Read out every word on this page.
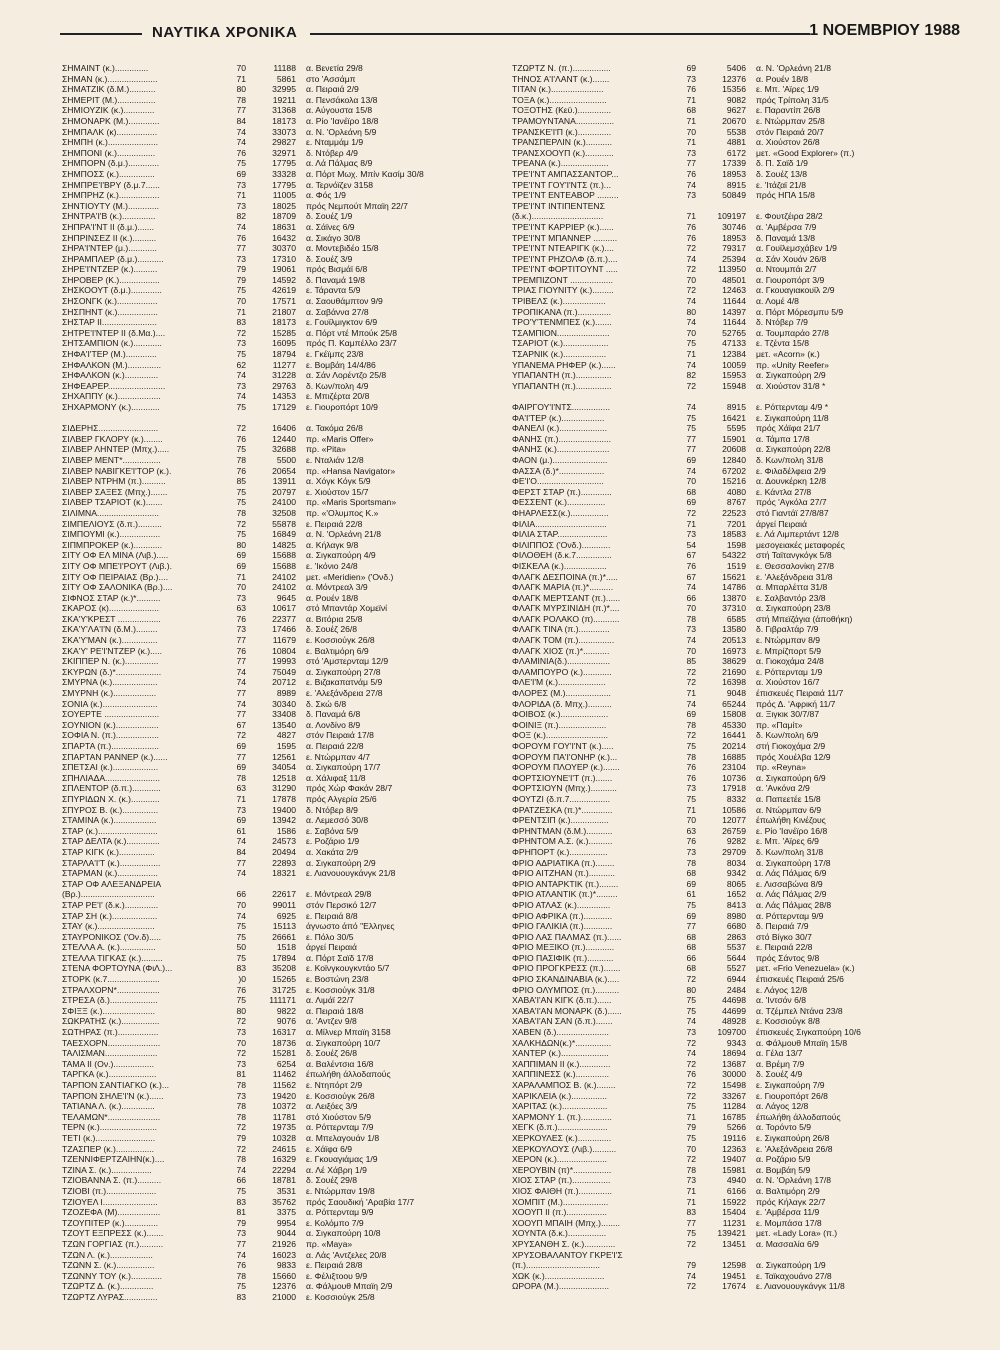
ΝΑΥΤΙΚΑ ΧΡΟΝΙΚΑ	1 ΝΟΕΜΒΡΙΟΥ 1988
ΣΗΜΑΙΝΤ (κ.)..............	70	11188	α. Βενετία 29/8
ΣΗΜΑΝ (κ.).....................	71	5861	στο 'Ασσάμπ
ΣΗΜΑΤΖΙΚ (δ.Μ.)...........	80	32995	α. Πειραιά 2/9
ΣΗΜΕΡΙΤ (Μ.)................	78	19211	α. Πενσάκολα 13/8
ΣΗΜΙΟΥΖΙΚ (κ.).............	77	31368	α. Αύγουστα 15/8
ΣΗΜΟΝΑΡΚ (Μ.).............	84	18173	α. Ρίο 'Ιανέϊρο 18/8
ΣΗΜΠΑΛΚ (κ).................	74	33073	α. Ν. 'Ορλεάνη 5/9
ΣΗΜΠΗ (κ.).....................	74	29827	ε. Νταμμάμ 1/9
ΣΗΜΠΟΝΙ (κ.)................	76	32971	δ. Ντόβερ 4/9
ΣΗΜΠΟΡΝ (δ.μ.).............	75	17795	α. Λά Πάλμας 8/9
ΣΗΜΠΟΣΣ (κ.)...............	69	33328	α. Πόρτ Μωχ. Μπίν Κασίμ 30/8
ΣΗΜΠΡΕ'Ι'ΒΡΥ (δ.μ.7......	73	17795	α. Τερνόϊζεν 3158
ΣΗΜΠΡΗΖ (κ.).................	71	11005	α. Φός 1/9
ΣΗΝΤΙΟΥΤΥ (Μ.).............	73	18025	πρός Νεμπούτ Μπαϊη 22/7
ΣΗΝΤΡΑ'Ι'Β (κ.)..............	82	18709	δ. Σουέζ 1/9
ΣΗΠΡΑ'Ι'ΝΤ ΙΙ (δ.μ.).......	74	18631	α. Σάϊνες 6/9
ΣΗΠΡΙΝΣΕΖ ΙΙ (κ.)..........	76	16432	α. Σικάγο 30/8
ΣΗΡΑ'Ι'ΝΤΕΡ (μ.)............	77	30370	α. Μοντεβιδέο 15/8
ΣΗΡΑΜΠΛΕΡ (δ.μ.)...........	73	17310	δ. Σουέζ 3/9
ΣΗΡΕ'Ι'ΝΤΖΕΡ (κ.)..........	79	19061	πρός Βισμάϊ 6/8
ΣΗΡΟΒΕΡ (Κ.).................	79	14592	δ. Παναμά 19/8
ΣΗΣΚΟΟΥΤ (δ.μ.).............	75	42619	ε. Τάραντα 5/9
ΣΗΣΟΝΓΚ (κ.).................	70	17571	α. Σαουθάμπτον 9/9
ΣΗΣΠΗΝΤ (κ.).................	71	21807	α. Σαβάννα 27/8
ΣΗΣΤΑΡ ΙΙ.......................	83	18173	ε. Γουϊλμιγκτον 6/9
ΣΗΤΡΕ'Ι'ΝΤΕΡ ΙΙ (δ.Μα.)....	72	15285	α. Πόρτ ντέ Μπούκ 25/8
ΣΗΤΣΑΜΠΙΟΝ (κ.)............	73	16095	πρός Π. Καμπέλλο 23/7
ΣΗΦΑ'Ι'ΤΕΡ (Μ.).............	75	18794	ε. Γκέϊμπς 23/8
ΣΗΦΑΛΚΟΝ (Μ.)..............	62	11277	ε. Βομβάη 14/4/86
ΣΗΦΑΛΚΟΝ (κ.)..............	74	31228	α. Σάν Λορέντζο 25/8
ΣΗΦΕΑΡΕΡ........................	73	29763	δ. Κων/πολη 4/9
ΣΗΧΑΠΠΥ (κ.)..................	74	14353	ε. Μπιζέρτα 20/8
ΣΗΧΑΡΜΟΝΥ (κ.)............	75	17129	ε. Γιουροπόρτ 10/9
ΣΙΔΕΡΗΣ.........................	72	16406	α. Τακόμα 26/8
ΣΙΛΒΕΡ ΓΚΛΟΡΥ (κ.)........	76	12440	πρ. «Maris Offer»
ΣΙΛΒΕΡ ΛΗΝΤΕΡ (Μπχ.).....	75	32688	πρ. «Pita»
ΣΙΛΒΕΡ ΜΕΝΤ*................	78	5500	ε. Νταλιάν 12/8
ΣΙΛΒΕΡ ΝΑΒΙΓΚΕ'Ι'ΤΟΡ (κ.).	76	20654	πρ. «Hansa Navigator»
ΣΙΛΒΕΡ ΝΤΡΗΜ (π.)..........	85	13911	α. Χόγκ Κόγκ 5/9
ΣΙΛΒΕΡ ΣΑΞΕΣ (Μπχ.).......	75	20797	ε. Χιούστον 15/7
ΣΙΛΒΕΡ ΤΣΑΡΙΟΤ (κ.).......	75	24100	πρ. «Maris Sportsman»
ΣΙΛΙΜΝΑ..........................	78	32508	πρ. «'Ολυμπος Κ.»
ΣΙΜΠΕΛΙΟΥΣ (δ.π.)..........	72	55878	ε. Πειραιά 22/8
ΣΙΜΠΟΥΜΙ (κ.).................	75	16849	α. Ν. 'Ορλεάνη 21/8
ΣΙΠΜΠΡΟΚΕΡ (κ.)............	80	14825	α. Κήλαγκ 9/8
ΣΙΤΥ ΟΦ ΕΛ ΜΙΝΑ (Λιβ.).....	69	15688	α. Σιγκαπούρη 4/9
ΣΙΤΥ ΟΦ ΜΠΕ'Ι'ΡΟΥΤ (Λιβ.).	69	15688	ε. 'Ικόνιο 24/8
ΣΙΤΥ ΟΦ ΠΕΙΡΑΙΑΣ (Βρ.)....	71	24102	μετ. «Meridien» ('Ονδ.)
ΣΙΤΥ ΟΦ ΣΑΛΟΝΙΚΑ (Βρ.)....	70	24102	α. Μόντρεαλ 3/9
ΣΙΦΝΟΣ ΣΤΑΡ (κ.)*..........	73	9645	α. Ρουέν 18/8
ΣΚΑΡΟΣ (κ).....................	63	10617	στό Μπαντάρ Χομεϊνί
ΣΚΑ'Υ'ΚΡΕΣΤ ..................	76	22377	α. Βιτόρια 25/8
ΣΚΑ'Υ'ΛΑ'Ι'Ν (δ.Μ.).........	73	17466	δ. Σουέζ 26/8
ΣΚΑ'Υ'ΜΑΝ (κ.)...............	77	11679	ε. Κοσσιούγκ 26/8
ΣΚΑ'Υ' ΡΕ'Ι'ΝΤΖΕΡ (κ.).....	76	10804	ε. Βαλτιμόρη 6/9
ΣΚΙΠΠΕΡ Ν. (κ.)..............	77	19993	στό 'Αμστερνταμ 12/9
ΣΚΥΡΩΝ (δ.)*...................	74	75049	α. Σιγκαπούρη 27/8
ΣΜΥΡΝΑ (κ.)...................	74	20712	ε. Βιζακαπατνάμ 5/9
ΣΜΥΡΝΗ (κ.)..................	77	8989	ε. 'Αλεξάνδρεια 27/8
ΣΟΝΙΑ (κ.).......................	74	30340	δ. Σκώ 6/8
ΣΟΥΕΡΤΕ .......................	77	33408	δ. Παναμά 6/8
ΣΟΥΝΙΟΝ (κ.)..................	67	13540	α. Λονδίνο 8/9
ΣΟΦΙΑ Ν. (π.)..................	72	4827	στόν Πειραιά 17/8
ΣΠΑΡΤΑ (π.)....................	69	1595	α. Πειραιά 22/8
ΣΠΑΡΤΑΝ ΡΑΝΝΕΡ (κ.)......	77	12561	ε. Ντώρμπαν 4/7
ΣΠΕΤΣΑΙ (κ.)...................	69	34054	α. Σιγκαπούρη 17/7
ΣΠΗΛΙΑΔΑ.......................	78	12518	α. Χάλιφαξ 11/8
ΣΠΛΕΝΤΟΡ (δ.π.)............	63	31290	πρός Χώρ Φακάν 28/7
ΣΠΥΡΙΔΩΝ Χ. (κ.)............	71	17878	πρός Αλγερία 25/6
ΣΠΥΡΟΣ Β. (κ.)...............	73	19400	δ. Ντόβερ 8/9
ΣΤΑΜΙΝΑ (κ.)..................	69	13942	α. Λεμεσσό 30/8
ΣΤΑΡ (κ.).........................	61	1586	ε. Σαβόνα 5/9
ΣΤΑΡ ΔΕΛΤΑ (κ.)..............	74	24573	ε. Ροζάριο 1/9
ΣΤΑΡ ΚΙΓΚ (κ.)...............	84	20494	α. Χακάτα 2/9
ΣΤΑΡΛΑ'Ι'Τ (κ.).................	77	22893	α. Σιγκαπούρη 2/9
ΣΤΑΡΜΑΝ (κ.).................	74	18321	ε. Λιανουουγκάνγκ 21/8
ΣΤΑΡ ΟΦ ΑΛΕΞΑΝΔΡΕΙΑ
(Βρ.)...............................	66	22617	ε. Μόντρεαλ 29/8
ΣΤΑΡ ΡΕ'Ι' (δ.κ.)..............	70	99011	στόν Περσικό 12/7
ΣΤΑΡ ΣΗ (κ.)...................	74	6925	ε. Πειραιά 8/8
ΣΤΑΥ (κ.)........................	75	15113	άγνωστο άπό "Ελληνες
ΣΤΑΥΡΟΝΙΚΟΣ ('Ον.δ).....	75	26661	ε. Πόλο 30/5
ΣΤΕΛΛΑ Α. (κ.)...............	50	1518	άργεί Πειραιά
ΣΤΕΛΛΑ ΤΙΓΚΑΣ (κ.).........	75	17894	α. Πόρτ Σαϊδ 17/8
ΣΤΕΝΑ ΦΟΡΤΟΥΝΑ (ΦιΛ.)...	83	35208	ε. Κοϊνγκουγκντάο 5/7
ΣΤΟΡΚ (κ.7......................	)0	15265	ε. Βοστώνη 23/8
ΣΤΡΑΛΧΟΡΝ*..................	76	31725	ε. Κοσσιούγκ 31/8
ΣΤΡΕΣΑ (δ.)....................	75	111171	α. Λιμάϊ 22/7
ΣΦΙΞΞ (κ.)......................	80	9822	α. Πειραιά 18/8
ΣΩΚΡΑΤΗΣ (κ.)................	72	9076	α. 'Αντζεν 9/8
ΣΩΤΗΡΑΣ (π.).................	73	16317	α. Μίλνερ Μπαϊη 3158
ΤΑΕΣΧΟΡΝ......................	70	18736	α. Σιγκαπούρη 10/7
ΤΑΛΙΣΜΑΝ......................	72	15281	δ. Σουέζ 26/8
ΤΑΜΑ ΙΙ (Ον.).................	73	6254	α. Βαλέντσια 16/8
ΤΑΡΓΚΑ (κ.)....................	81	11462	έπωλήθη άλλοδαπούς
ΤΑΡΠΟΝ ΣΑΝΤΙΑΓΚΟ (κ.)...	78	11562	ε. Ντηπόρτ 2/9
ΤΑΡΠΟΝ ΣΗΛΕ'Ι'Ν (κ.)......	73	19420	ε. Κοσσιούγκ 26/8
ΤΑΤΙΑΝΑ Λ. (κ.)..............	78	10372	α. Λειξόες 3/9
ΤΕΛΑΜΩΝ*......................	78	11781	στό Χιούστον 5/9
ΤΕΡΝ (κ.)........................	72	19735	α. Ρόττερνταμ 7/9
ΤΕΤΙ (κ.).........................	79	10328	α. Μπελαγουάν 1/8
ΤΖΑΣΠΕΡ (κ.)................	72	24615	ε. Χάϊφα 6/9
ΤΖΕΝΝΙΦΕΡΤΖΑΙΗΝ(κ.)....	78	16329	ε. Γκουαγιάμας 1/9
ΤΖΙΝΑ Σ. (κ.).................	74	22294	α. Λέ Χάβρη 1/9
ΤΖΙΟΒΑΝΝΑ Σ. (π.)..........	66	18781	δ. Σουέζ 29/8
ΤΖΙΟΒΙ (π.).....................	75	3531	ε. Ντώρμπαν 19/8
ΤΖΙΟΥΕΛ Ι.......................	83	35762	πρός Σαουδική 'Αραβία 17/7
ΤΖΟΖΕΦΑ (Μ)..................	81	3375	α. Ρόττερνταμ 9/9
ΤΖΟΥΠΙΤΕΡ (κ.)..............	79	9954	ε. Κολόμπο 7/9
ΤΖΟΥΤ ΕΞΠΡΕΣΣ (κ.).......	73	9044	α. Σιγκαπούρη 10/8
ΤΖΩΝ ΓΟΡΓΙΑΣ (π.)..........	77	21926	πρ. «Maya»
ΤΖΩΝ Λ. (κ.)..................	74	16023	α. Λάς 'Αντζελες 20/8
ΤΖΩΝΝ Σ. (κ.)................	76	9833	ε. Πειραιά 28/8
ΤΖΩΝΝΥ ΤΟΥ (κ.).............	78	15660	ε. Φέλιξτοου 9/9
ΤΖΩΡΤΖ Δ. (κ.)..............	75	12376	α. Φάλμουθ Μπαϊη 2/9
ΤΖΩΡΤΖ ΛΥΡΑΣ..............	83	21000	ε. Κοσσιούγκ 25/8
ΤΖΩΡΤΖ Ν. (π.)................	69	5406	α. Ν. 'Ορλεάνη 21/8
ΤΗΝΟΣ Α'Ι'ΛΑΝΤ (κ.).......	73	12376	α. Ρουέν 18/8
ΤΙΤΑΝ (κ.)......................	76	15356	ε. Μπ. 'Αϊρες 1/9
ΤΟΞΑ (κ.)........................	71	9082	πρός Τρίπολη 31/5
ΤΟΞΟΤΗΣ (Κεϋ.)..............	68	9627	ε. Παραντίπ 26/8
ΤΡΑΜΟΥΝΤΑΝΑ................	71	20670	ε. Ντώρμπαν 25/8
ΤΡΑΝΣΚΕ'Ι'Π (κ.)..............	70	5538	στόν Πειραιά 20/7
ΤΡΑΝΣΠΕΡΛΙΝ (κ.)...........	71	4881	α. Χιούστον 26/8
ΤΡΑΝΣΧΟΟΥΠ (κ.)............	73	6172	μετ. «Good Explorer» (π.)
ΤΡΕΑΝΑ (κ.)....................	77	17339	δ. Π. Σαϊδ 1/9
ΤΡΕ'Ι'ΝΤ ΑΜΠΑΣΣΑΝΤΟΡ...	76	18953	δ. Σουέζ 13/8
ΤΡΕ'Ι'ΝΤ ΓΟΥ'Ι'ΝΤΣ (π.)...	74	8915	ε. 'Ιτάζαϊ 21/8
ΤΡΕ'Ι'ΝΤ ΕΝΤΕΑΒΟΡ .........	73	50849	πρός ΗΠΑ 15/8
ΤΡΕ'Ι'ΝΤ ΙΝΤΙΠΕΝΤΕΝΣ
(δ.κ.)..............................	71	109197	ε. Φουτζέιρα 28/2
ΤΡΕ'Ι'ΝΤ ΚΑΡΡΙΕΡ (κ.)......	76	30746	α. 'Αμβέρσα 7/9
ΤΡΕ'Ι'ΝΤ ΜΠΑΝΝΕΡ ..........	76	18953	δ. Παναμά 13/8
ΤΡΕ'Ι'ΝΤ ΝΤΕΑΡΙΓΚ (κ.)....	72	79317	α. Γουϊλεμσχάβεν 1/9
ΤΡΕ'Ι'ΝΤ ΡΗΖΟΛΦ (δ.π.)....	74	25394	α. Σάν Χουάν 26/8
ΤΡΕ'Ι'ΝΤ ΦΟΡΤΙΤΟΥΝΤ .....	72	113950	α. Ντουμπάι 2/7
ΤΡΕΜΠΙΖΟΝΤ ..................	70	48501	α. Γιουροπόρτ 3/9
ΤΡΙΑΣ ΓΙΟΥΝΙΤΥ (κ.).........	72	12463	α. Γκουαγιακουϊλ 2/9
ΤΡΙΒΕΛΣ (κ.)..................	74	11644	α. Λομέ 4/8
ΤΡΟΠΙΚΑΝΑ (π.)..............	80	14397	α. Πόρτ Μόρεσμπυ 5/9
ΤΡΟ'Υ'ΤΕΝΜΠΕΣ (κ.).......	74	11644	δ. Ντόβερ 7/9
ΤΣΑΜΠΙΟΝ......................	70	52765	α. Τουμπαράο 27/8
ΤΣΑΡΙΟΤ (κ.)...................	75	47133	ε. Τζέντα 15/8
ΤΣΑΡΝΙΚ (κ.)..................	71	12384	μετ. «Acorn» (κ.)
ΥΠΑΝΕΜΑ ΡΗΦΕΡ (κ.)......	74	10059	πρ. «Unity Reefer»
ΥΠΑΠΑΝΤΗ (π.)...............	82	15953	α. Σιγκαπούρη 2/9
ΥΠΑΠΑΝΤΗ (π.)...............	72	15948	α. Χιούστον 31/8 *
ΦΑΙΡΓΟΥ'Ι'ΝΤΣ................	74	8915	ε. Ρόττερνταμ 4/9 *
ΦΑ'Ι'ΤΕΡ (κ.)..................	75	16421	ε. Σιγκαπούρη 11/8
ΦΑΝΕΛΙ (κ.)....................	75	5595	πρός Χάϊφα 21/7
ΦΑΝΗΣ (π.)......................	77	15901	α. Τάμπα 17/8
ΦΑΝΗΣ (κ.)......................	77	20608	α. Σιγκαπούρη 22/8
ΦΑΟΝ (μ.).......................	69	12840	δ. Κων/πολη 31/8
ΦΑΣΣΑ (δ.)*...................	74	67202	ε. Φιλαδέλφεια 2/9
ΦΕ'Ι'Ο............................	70	15216	α. Δουνκέρκη 12/8
ΦΕΡΣΤ ΣΤΑΡ (π.).............	68	4080	ε. Κάντλα 27/8
ΦΕΣΣΕΝΤ (κ.)................	69	8767	πρός 'Αγκόλα 27/7
ΦΗΑΡΛΕΣΣ(κ.)................	72	22523	στό Γιαντάϊ 27/8/87
ΦΙΛΙΑ..............................	71	7201	άργεί Πειραιά
ΦΙΛΙΑ ΣΤΑΡ.....................	73	18583	ε. Λά Λιμπερτάντ 12/8
ΦΙΛΙΠΠΟΣ ('Ονδ.)............	54	1598	μεσογειακές μεταφορές
ΦΙΛΟΘΕΗ (δ.κ.7...............	67	54322	στή Ταϊτανγκόγκ 5/8
ΦΙΣΚΕΛΑ (κ.)..................	76	1519	ε. Θεσσαλονίκη 27/8
ΦΛΑΓΚ ΔΕΣΠΟΙΝΑ (π.)*.....	67	15621	ε. 'Αλεξάνδρεια 31/8
ΦΛΑΓΚ ΜΑΡΙΑ (π.)*..........	74	14786	α. Μπαρλέττα 31/8
ΦΛΑΓΚ ΜΕΡΤΣΑΝΤ (π.)......	66	13870	ε. Σαλβαντόρ 23/8
ΦΛΑΓΚ ΜΥΡΣΙΝΙΔΗ (π.)*....	70	37310	α. Σιγκαπούρη 23/8
ΦΛΑΓΚ ΡΟΛΑΚΟ (π)...........	78	6585	στή Μπεϊζάγια (άποθήκη)
ΦΛΑΓΚ ΤΙΝΑ (π.).............	73	13580	δ. Γιβραλτάρ 7/9
ΦΛΑΓΚ ΤΟΜ (π.)...............	74	20513	ε. Ντώρμπαν 8/9
ΦΛΑΓΚ ΧΙΟΣ (π.)*...........	70	16973	ε. Μπρίζπορτ 5/9
ΦΛΑΜΙΝΙΑ(δ.)..................	85	38629	α. Γιοκοχάμα 24/8
ΦΛΑΜΠΟΥΡΟ (κ.)............	72	21690	ε. Ρόττερνταμ 1/9
ΦΛΕ'Ι'Μ (κ.)....................	72	16398	α. Χιούστον 16/7
ΦΛΟΡΕΣ (Μ.)...................	71	9048	έπισκευές Πειραιά 11/7
ΦΛΟΡΙΔΑ (δ. Μπχ.)..........	74	65244	πρός Δ. 'Αφρική 11/7
ΦΟΙΒΟΣ (κ.)....................	69	15808	α. Ξιγκικ 30/7/87
ΦΟΙΝΙΞ (π.)....................	78	45330	πρ. «Παμίτ»
ΦΟΞ (κ.)..........................	72	16441	δ. Κων/πολη 6/9
ΦΟΡΟΥΜ ΓΟΥ'Ι'ΝΤ (κ.).....	75	20214	στή Γιοκοχάμα 2/9
ΦΟΡΟΥΜ ΠΑ'Ι'ΟΝΗΡ (κ.)...	78	16885	πρός Χουέλβα 12/9
ΦΟΡΟΥΜ ΠΛΟΥΕΡ (κ.).......	76	23104	πρ. «Reyna»
ΦΟΡΤΣΙΟΥΝΕ'Ι'Τ (π.).......	76	10736	α. Σιγκαπούρη 6/9
ΦΟΡΤΣΙΟΥΝ (Μπχ.)...........	73	17918	α. 'Ανκόνα 2/9
ΦΟΥΤΖΙ (δ.π.7.................	75	8332	α. Παπεετέε 15/8
ΦΡΑΤΖΕΣΚΑ (π.)*.............	71	10586	α. Ντώρμπαν 6/9
ΦΡΕΝΤΣΙΠ (κ.)................	70	12077	έπωλήθη Κινέζους
ΦΡΗΝΤΜΑΝ (δ.Μ.)...........	63	26759	ε. Ρίο 'Ιανέϊρο 16/8
ΦΡΗΝΤΟΜ Α.Σ. (κ.)..........	76	9282	ε. Μπ. 'Αϊρες 6/9
ΦΡΗΠΟΡΤ (κ.)................	73	29709	δ. Κων/πολη 31/8
ΦΡΙΟ ΑΔΡΙΑΤΙΚΑ (π.)........	78	8034	α. Σιγκαπούρη 17/8
ΦΡΙΟ ΑΙΤΖΗΑΝ (π.)...........	68	9342	α. Λάς Πάλμας 6/9
ΦΡΙΟ ΑΝΤΑΡΚΤΙΚ (π.)........	69	8065	ε. Λισσαβώνα 8/9
ΦΡΙΟ ΑΤΛΑΝΤΙΚ (π.)*.........	61	1652	α. Λάς Πάλμας 2/9
ΦΡΙΟ ΑΤΛΑΣ (κ.)..............	75	8413	α. Λάς Πάλμας 28/8
ΦΡΙΟ ΑΦΡΙΚΑ (π.)............	69	8980	α. Ρόττερνταμ 9/9
ΦΡΙΟ ΓΑΛΙΚΙΑ (π.)............	77	6680	δ. Πειραιά 7/9
ΦΡΙΟ ΛΑΣ ΠΑΛΜΑΣ (π.)......	68	2863	στό Βίγκο 30/7
ΦΡΙΟ ΜΕΞΙΚΟ (π.)............	68	5537	ε. Πειραιά 22/8
ΦΡΙΟ ΠΑΣΙΦΙΚ (π.)...........	66	5644	πρός Σάντος 9/8
ΦΡΙΟ ΠΡΟΓΚΡΕΣΣ (π.).......	68	5527	μετ. «Frio Venezuela» (κ.)
ΦΡΙΟ ΣΚΑΝΔΙΝΑΒΙΑ (κ.).....	72	6944	έπισκευές Πειραιά 25/6
ΦΡΙΟ ΟΛΥΜΠΟΣ (π.)..........	80	2484	ε. Λάγος 12/8
ΧΑΒΑ'Ι'ΑΝ ΚΙΓΚ (δ.π.)......	75	44698	α. 'Ιντσόν 6/8
ΧΑΒΑ'Ι'ΑΝ ΜΟΝΑΡΚ (δ.)......	75	44699	α. Τζέμπελ Ντάνα 23/8
ΧΑΒΑ'Ι'ΑΝ ΣΑΝ (δ.π.).......	74	48928	ε. Κοσσιούγκ 8/8
ΧΑΒΕΝ (δ.)......................	73	109700	έπισκευές Σιγκαπούρη 10/6
ΧΑΛΚΗΔΩΝ(κ.)*...............	72	9343	α. Φάλμουθ Μπαϊη 15/8
ΧΑΝΤΕΡ (κ.)....................	74	18694	α. Γέλα 13/7
ΧΑΠΠΙΜΑΝ ΙΙ (κ.).............	72	13687	α. Βρέμη 7/9
ΧΑΠΠΙΝΕΣΣ (κ.)..............	76	30000	δ. Σουέζ 4/9
ΧΑΡΑΛΑΜΠΟΣ Β. (κ.)........	72	15498	ε. Σιγκαπούρη 7/9
ΧΑΡΙΚΛΕΙΑ (κ.)...............	72	33267	ε. Γιουροπόρτ 26/8
ΧΑΡΙΤΑΣ (κ.)...................	75	11284	α. Λάγος 12/8
ΧΑΡΜΟΝΥ 1. (π.).............	71	16785	έπωλήθη άλλοδαπούς
ΧΕΓΚ (δ.π.).....................	79	5266	α. Τορόντο 5/9
ΧΕΡΚΟΥΛΕΣ (κ.)..............	75	19116	ε. Σιγκαπούρη 26/8
ΧΕΡΚΟΥΛΟΥΣ (Λιβ.)..........	70	12363	ε. 'Αλεξάνδρεια 26/8
ΧΕΡΟΝ (κ.).....................	72	19407	α. Ροζάριο 5/9
ΧΕΡΟΥΒΙΝ (π)*................	78	15981	α. Βομβάη 5/9
ΧΙΟΣ ΣΤΑΡ (π.)................	73	4940	α. Ν. 'Ορλεάνη 17/8
ΧΙΟΣ ΦΑΙΘΗ (π.)..............	71	6166	α. Βαλτιμόρη 2/9
ΧΟΜΠΙΤ (Μ.)...................	71	15922	πρός Κήλαγκ 22/7
ΧΟΟΥΠ ΙΙ (π.).................	83	15404	ε. 'Αμβέρσα 11/9
ΧΟΟΥΠ ΜΠΑΙΗ (Μπχ.)........	77	11231	ε. Μομπάσα 17/8
ΧΟΥΝΤΑ (δ.κ.)................	75	139421	μετ. «Lady Lora» (π.)
ΧΡΥΣΑΝΘΗ Σ. (κ.).............	72	13451	α. Μασσαλία 6/9
ΧΡΥΣΟΒΑΛΑΝΤΟΥ ΓΚΡΕ'Ι'Σ
(π.)...............................	79	12598	α. Σιγκαπούρη 1/9
ΧΩΚ (κ.).........................	74	19451	ε. Ταϊκαχουάνο 27/8
ΩΡΟΡΑ (Μ.).....................	72	17674	ε. Λιανουουγκάνγκ 11/8
